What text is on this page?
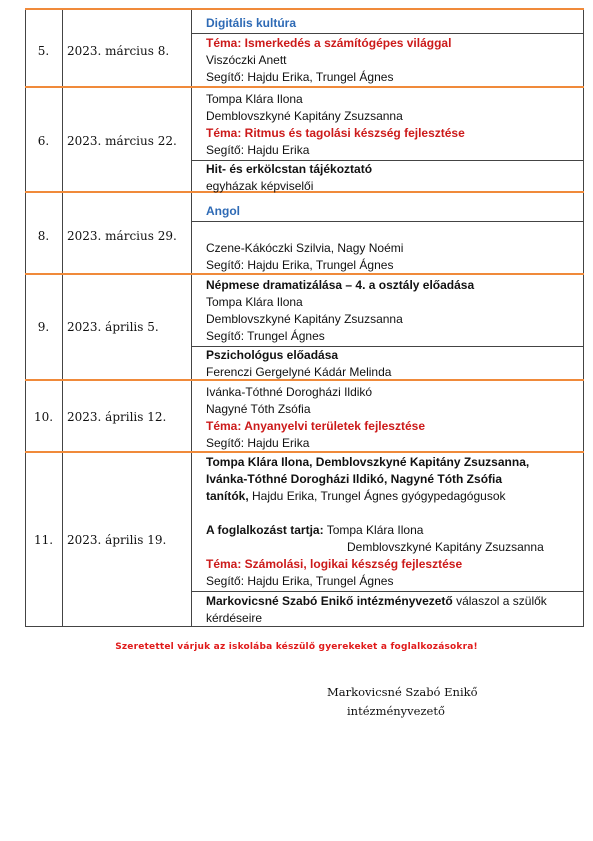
5.	2023. március 8.
Digitális kultúra
Téma: Ismerkedés a számítógépes világgal
Viszóczki Anett
Segítő: Hajdu Erika, Trungel Ágnes
6.	2023. március 22.
Tompa Klára Ilona
Demblovszkyné Kapitány Zsuzsanna
Téma: Ritmus és tagolási készség fejlesztése
Segítő: Hajdu Erika
Hit- és erkölcstan tájékoztató
egyházak képviselői
8.	2023. március 29.
Angol
Czene-Kákóczki Szilvia, Nagy Noémi
Segítő: Hajdu Erika, Trungel Ágnes
9.	2023. április 5.
Népmese dramatizálása – 4. a osztály előadása
Tompa Klára Ilona
Demblovszkyné Kapitány Zsuzsanna
Segítő: Trungel Ágnes
Pszichológus előadása
Ferenczi Gergelyné Kádár Melinda
10.	2023. április 12.
Ivánka-Tóthné Dorogházi Ildikó
Nagyné Tóth Zsófia
Téma: Anyanyelvi területek fejlesztése
Segítő: Hajdu Erika
11.	2023. április 19.
Tompa Klára Ilona, Demblovszkyné Kapitány Zsuzsanna,
Ivánka-Tóthné Dorogházi Ildikó, Nagyné Tóth Zsófia
tanítók, Hajdu Erika, Trungel Ágnes gyógypedagógusok
A foglalkozást tartja: Tompa Klára Ilona
Demblovszkyné Kapitány Zsuzsanna
Téma: Számolási, logikai készség fejlesztése
Segítő: Hajdu Erika, Trungel Ágnes
Markovicsné Szabó Enikő intézményvezető válaszol a szülők
kérdéseire
Szeretettel várjuk az iskolába készülő gyerekeket a foglalkozásokra!
Markovicsné Szabó Enikő
intézményvezető
